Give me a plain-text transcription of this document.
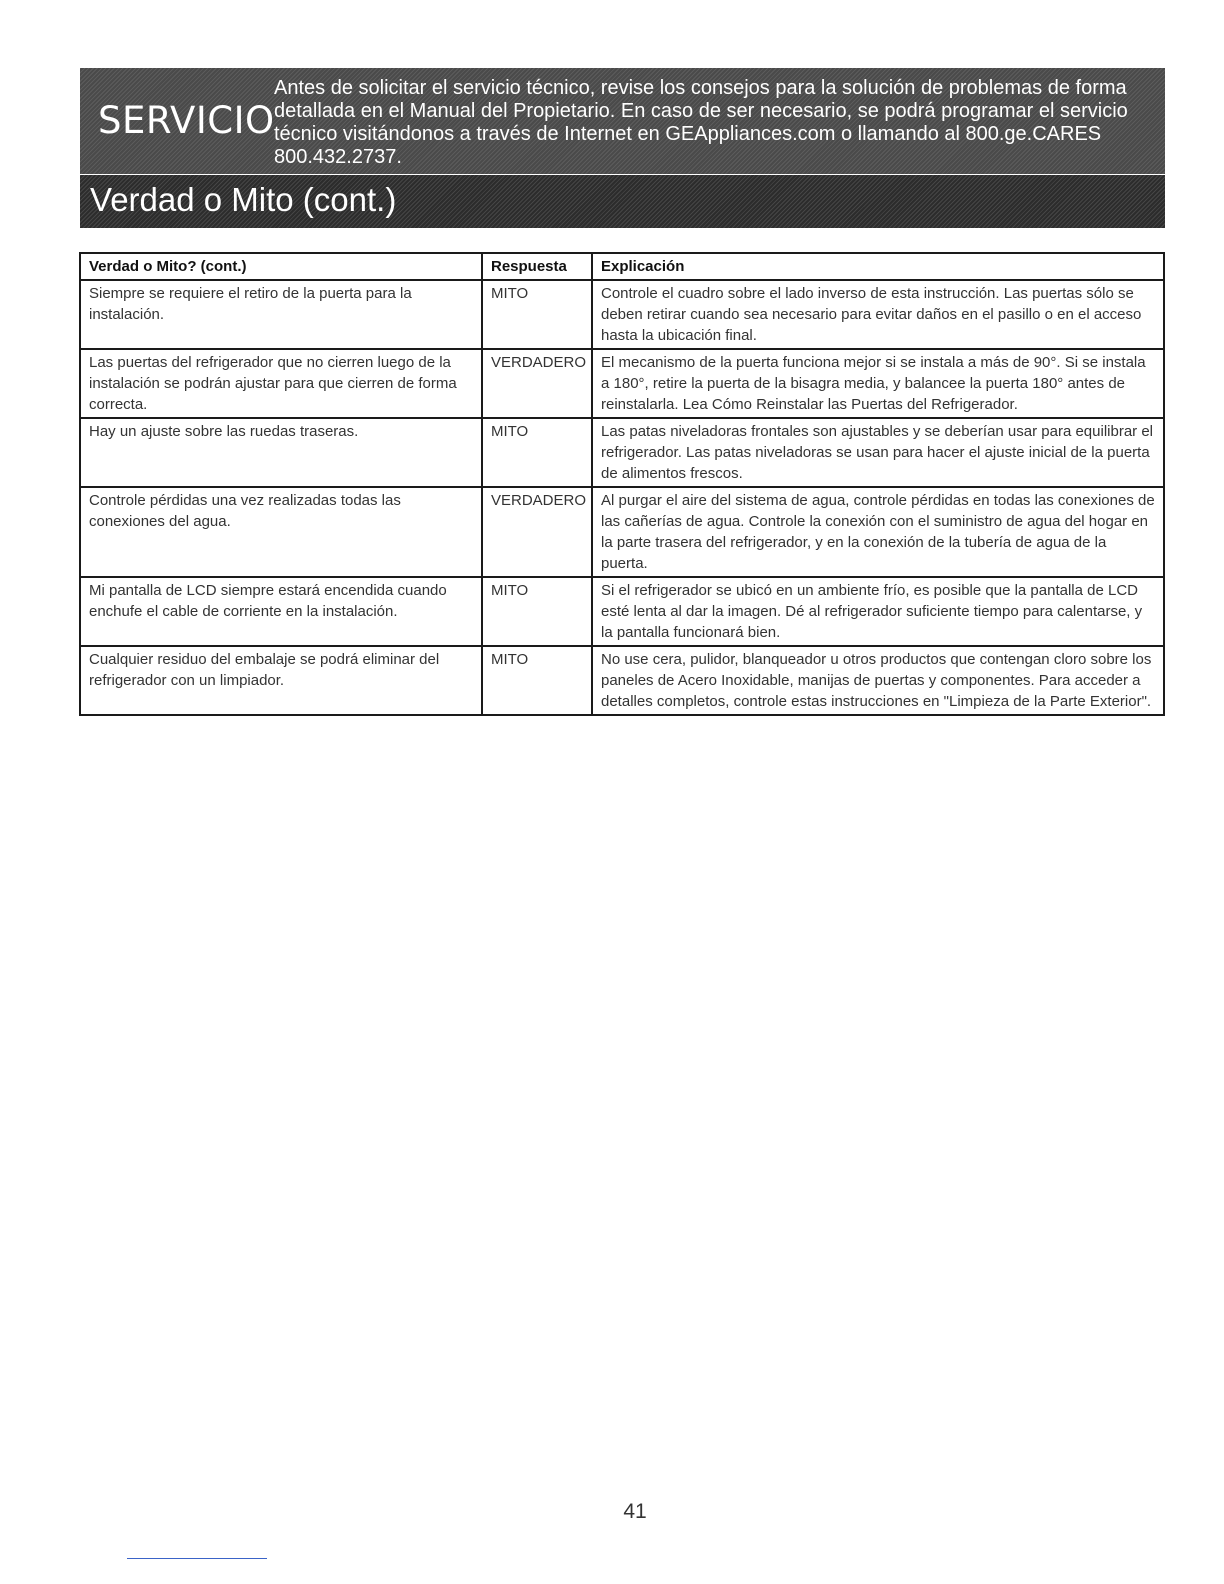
SERVICIO
Antes de solicitar el servicio técnico, revise los consejos para la solución de problemas de forma detallada en el Manual del Propietario. En caso de ser necesario, se podrá programar el servicio técnico visitándonos a través de Internet en GEAppliances.com o llamando al 800.ge.CARES 800.432.2737.
Verdad o Mito (cont.)
Verdad o Mito? (cont.)	Respuesta	Explicación
Siempre se requiere el retiro de la puerta para la instalación.	MITO	Controle el cuadro sobre el lado inverso de esta instrucción. Las puertas sólo se deben retirar cuando sea necesario para evitar daños en el pasillo o en el acceso hasta la ubicación final.
Las puertas del refrigerador que no cierren luego de la instalación se podrán ajustar para que cierren de forma correcta.	VERDADERO	El mecanismo de la puerta funciona mejor si se instala a más de 90°. Si se instala a 180°, retire la puerta de la bisagra media, y balancee la puerta 180° antes de reinstalarla. Lea Cómo Reinstalar las Puertas del Refrigerador.
Hay un ajuste sobre las ruedas traseras.	MITO	Las patas niveladoras frontales son ajustables y se deberían usar para equilibrar el refrigerador. Las patas niveladoras se usan para hacer el ajuste inicial de la puerta de alimentos frescos.
Controle pérdidas una vez realizadas todas las conexiones del agua.	VERDADERO	Al purgar el aire del sistema de agua, controle pérdidas en todas las conexiones de las cañerías de agua. Controle la conexión con el suministro de agua del hogar en la parte trasera del refrigerador, y en la conexión de la tubería de agua de la puerta.
Mi pantalla de LCD siempre estará encendida cuando enchufe el cable de corriente en la instalación.	MITO	Si el refrigerador se ubicó en un ambiente frío, es posible que la pantalla de LCD esté lenta al dar la imagen. Dé al refrigerador suficiente tiempo para calentarse, y la pantalla funcionará bien.
Cualquier residuo del embalaje se podrá eliminar del refrigerador con un limpiador.	MITO	No use cera, pulidor, blanqueador u otros productos que contengan cloro sobre los paneles de Acero Inoxidable, manijas de puertas y componentes. Para acceder a detalles completos, controle estas instrucciones en "Limpieza de la Parte Exterior".
41
